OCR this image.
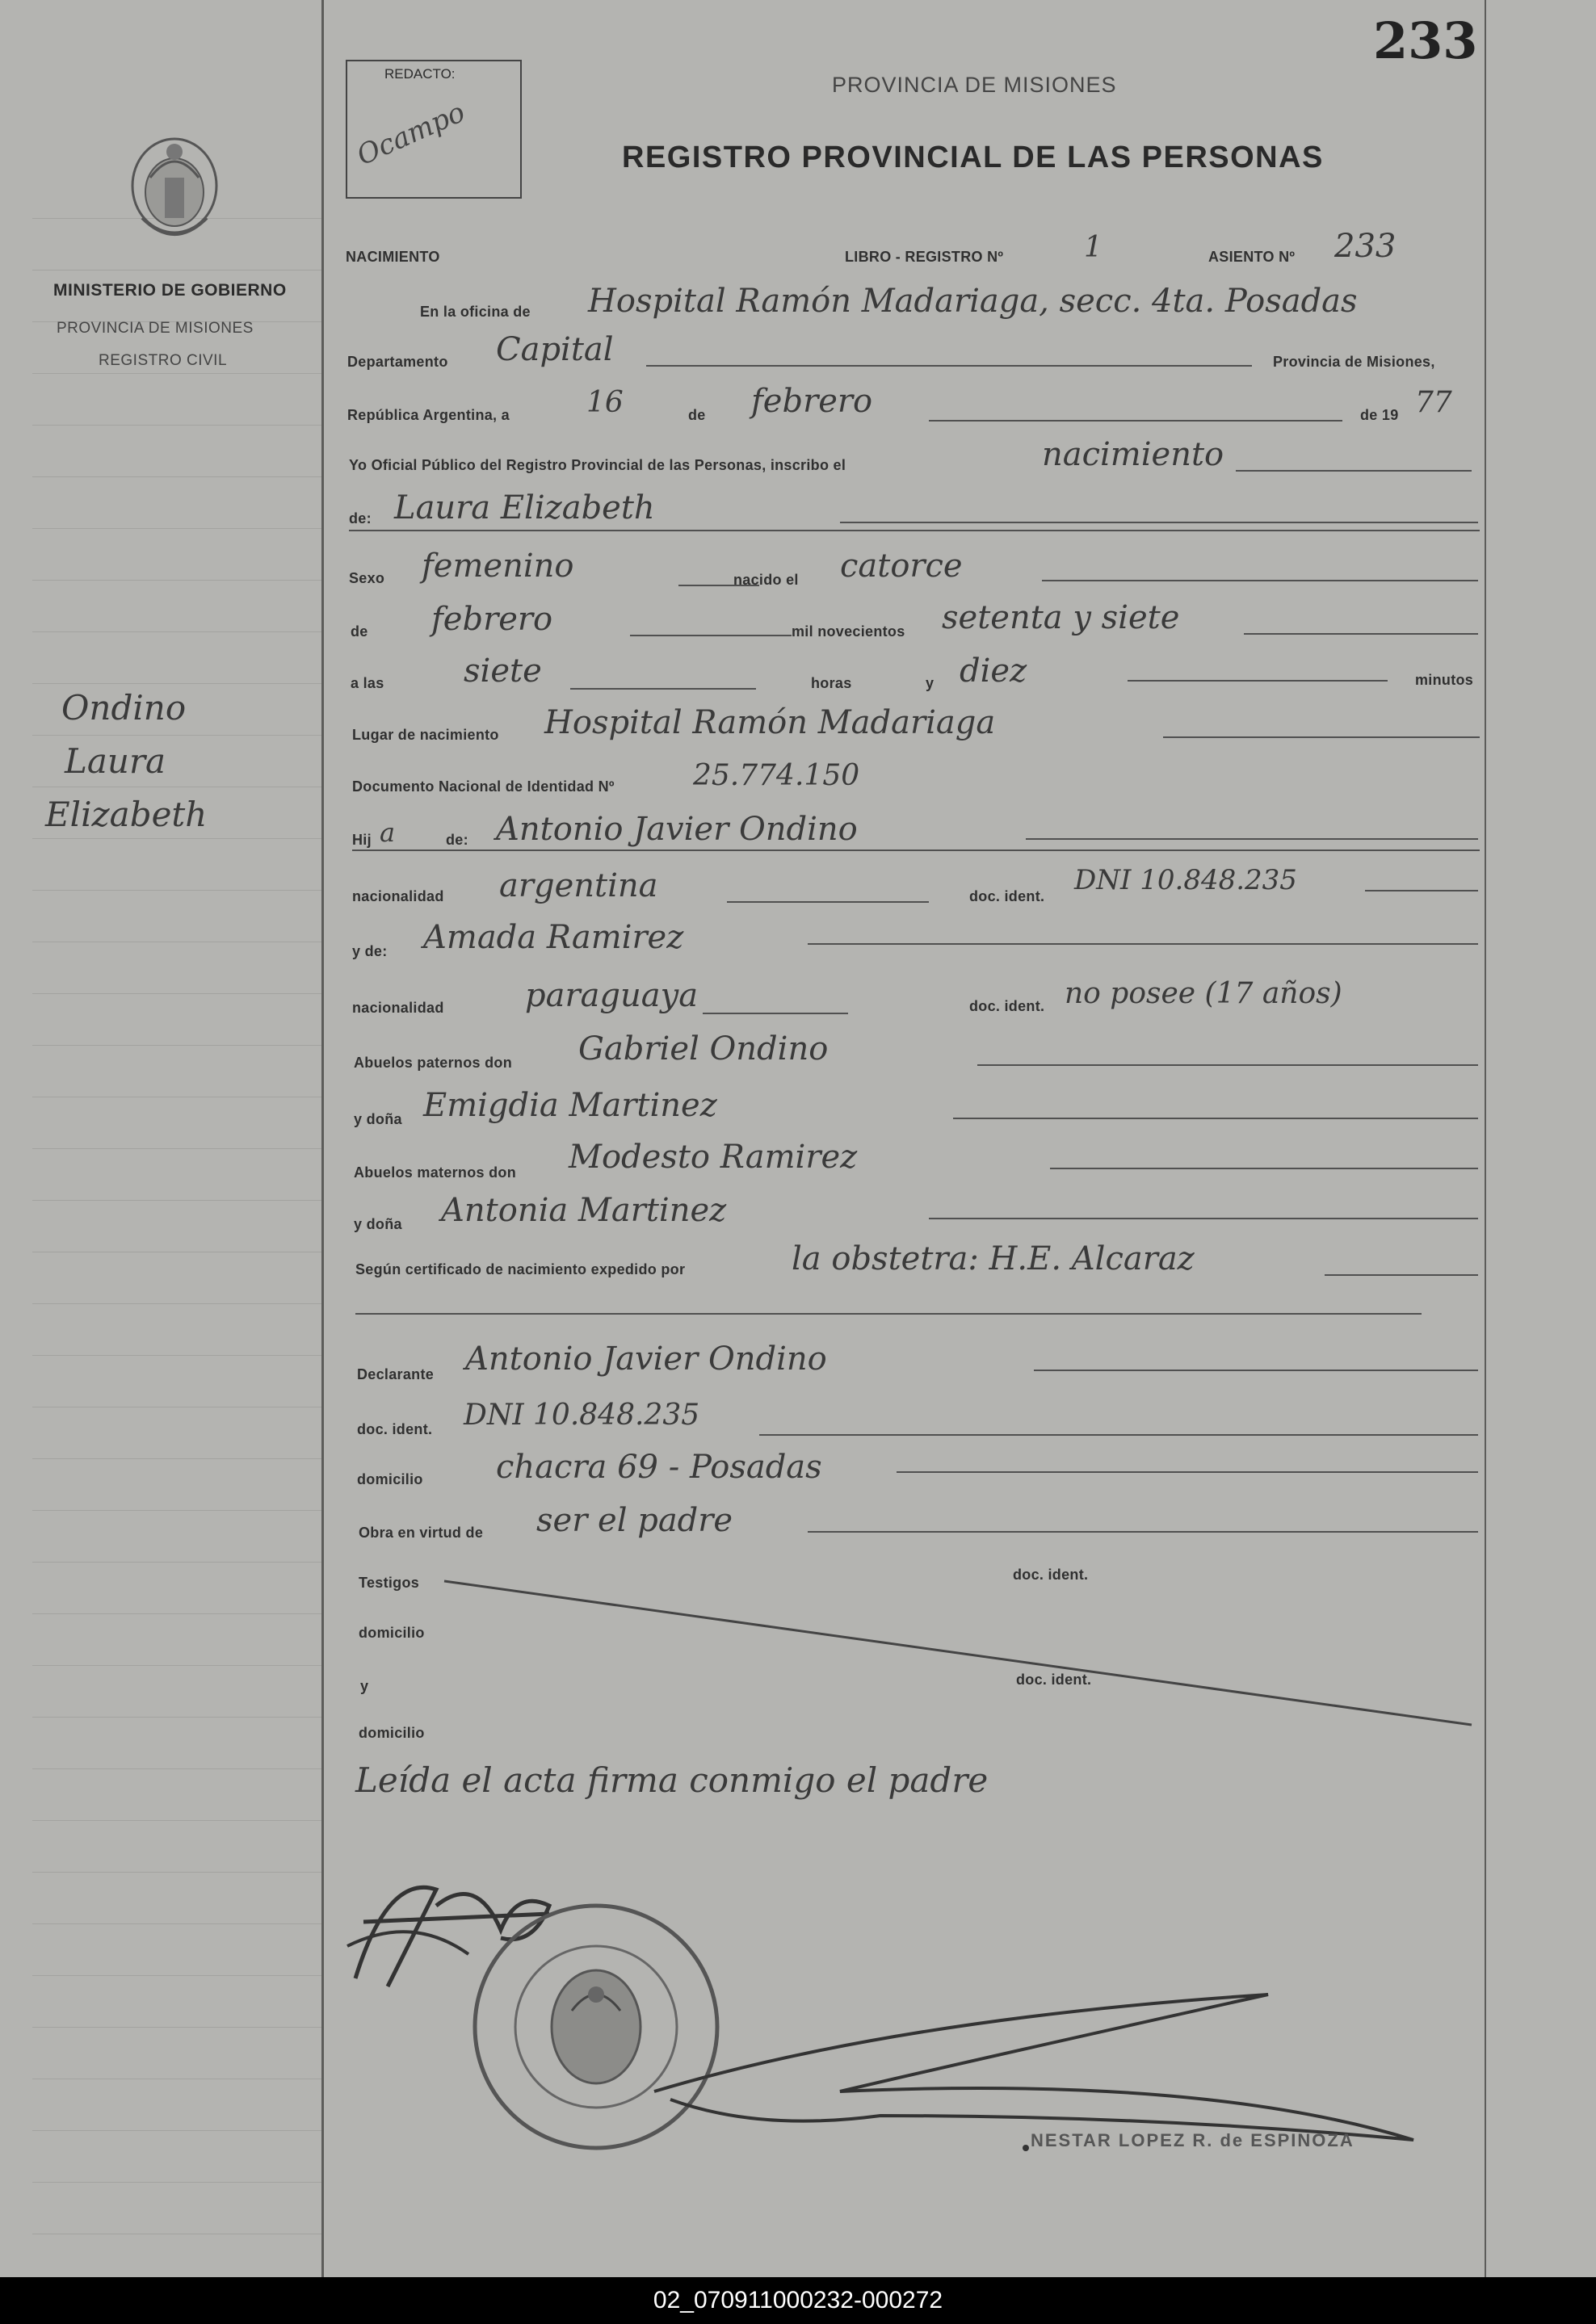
233
REDACTO:
Ocampo
MINISTERIO DE GOBIERNO
PROVINCIA DE MISIONES
REGISTRO CIVIL
Ondino
Laura
Elizabeth
PROVINCIA DE MISIONES
REGISTRO PROVINCIAL DE LAS PERSONAS
NACIMIENTO	LIBRO - REGISTRO Nº	1	ASIENTO Nº 233
En la oficina de Hospital Ramón Madariaga, secc. 4ta. Posadas
Departamento Capital	Provincia de Misiones,
República Argentina, a	16	de febrero	de 19 77
Yo Oficial Público del Registro Provincial de las Personas, inscribo el	nacimiento
de: Laura Elizabeth
Sexo femenino	nacido el catorce
de febrero	mil novecientos setenta y siete
a las siete	horas	y diez	minutos
Lugar de nacimiento Hospital Ramón Madariaga
Documento Nacional de Identidad Nº	25.774.150
Hij a	de: Antonio Javier Ondino
nacionalidad argentina	doc. ident. DNI 10.848.235
y de: Amada Ramirez
nacionalidad	paraguaya	doc. ident. no posee (17 años)
Abuelos paternos don Gabriel Ondino
y doña Emigdia Martinez
Abuelos maternos don Modesto Ramirez
y doña Antonia Martinez
Según certificado de nacimiento expedido por	la obstetra: H.E. Alcaraz
Declarante Antonio Javier Ondino
doc. ident. DNI 10.848.235
domicilio chacra 69 - Posadas
Obra en virtud de ser el padre
Testigos	doc. ident.
domicilio
y	doc. ident.
domicilio
Leída el acta firma conmigo el padre
NESTAR LOPEZ R. de ESPINOZA
02_070911000232-000272
